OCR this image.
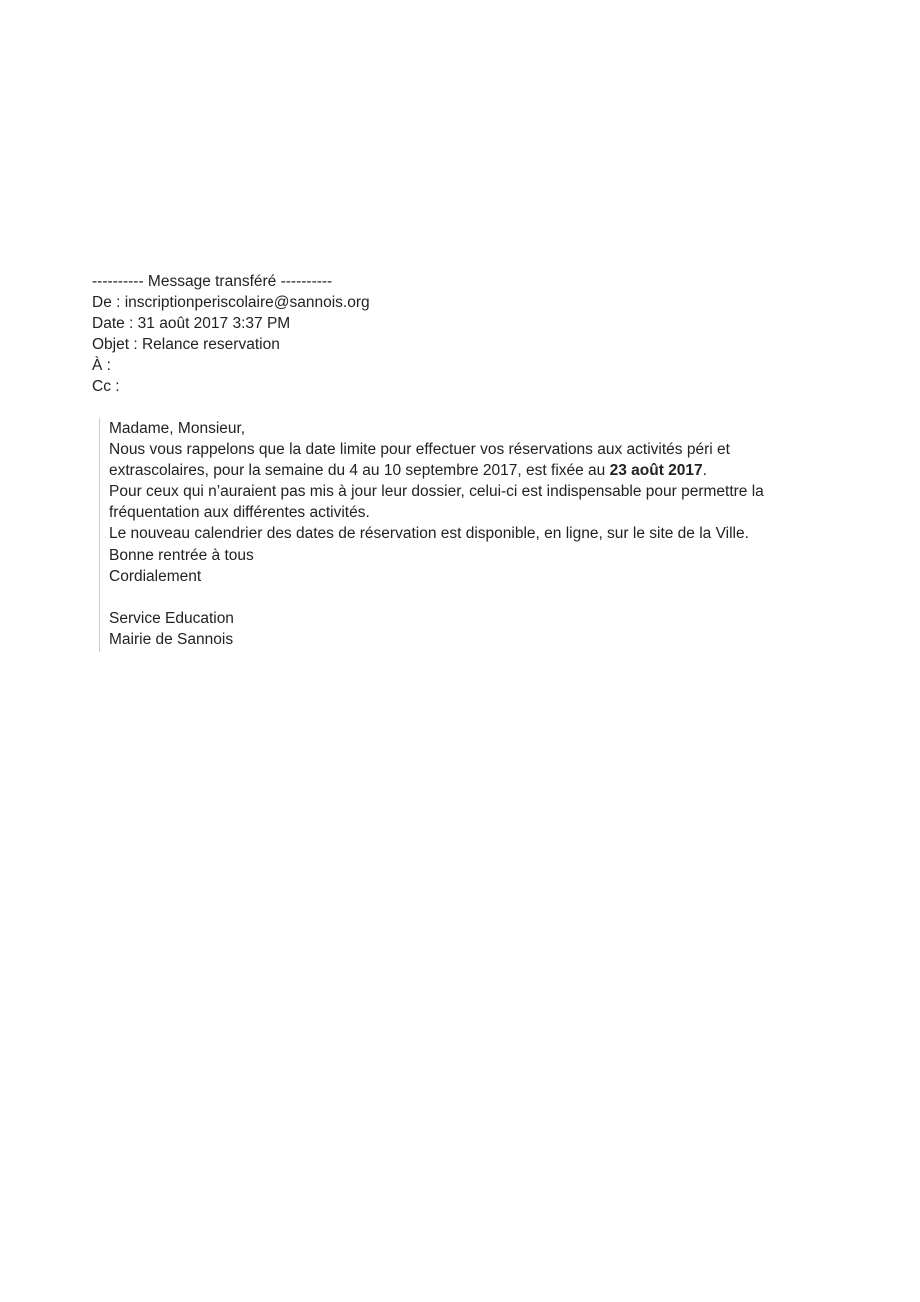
---------- Message transféré ----------
De : inscriptionperiscolaire@sannois.org
Date : 31 août 2017 3:37 PM
Objet : Relance reservation
À :
Cc :
Madame, Monsieur,
Nous vous rappelons que la date limite pour effectuer vos réservations aux activités péri et
extrascolaires, pour la semaine du 4 au 10 septembre 2017, est fixée au 23 août 2017.
Pour ceux qui n’auraient pas mis à jour leur dossier, celui-ci est indispensable pour permettre la
fréquentation aux différentes activités.
Le nouveau calendrier des dates de réservation est disponible, en ligne, sur le site de la Ville.
Bonne rentrée à tous
Cordialement
Service Education
Mairie de Sannois
